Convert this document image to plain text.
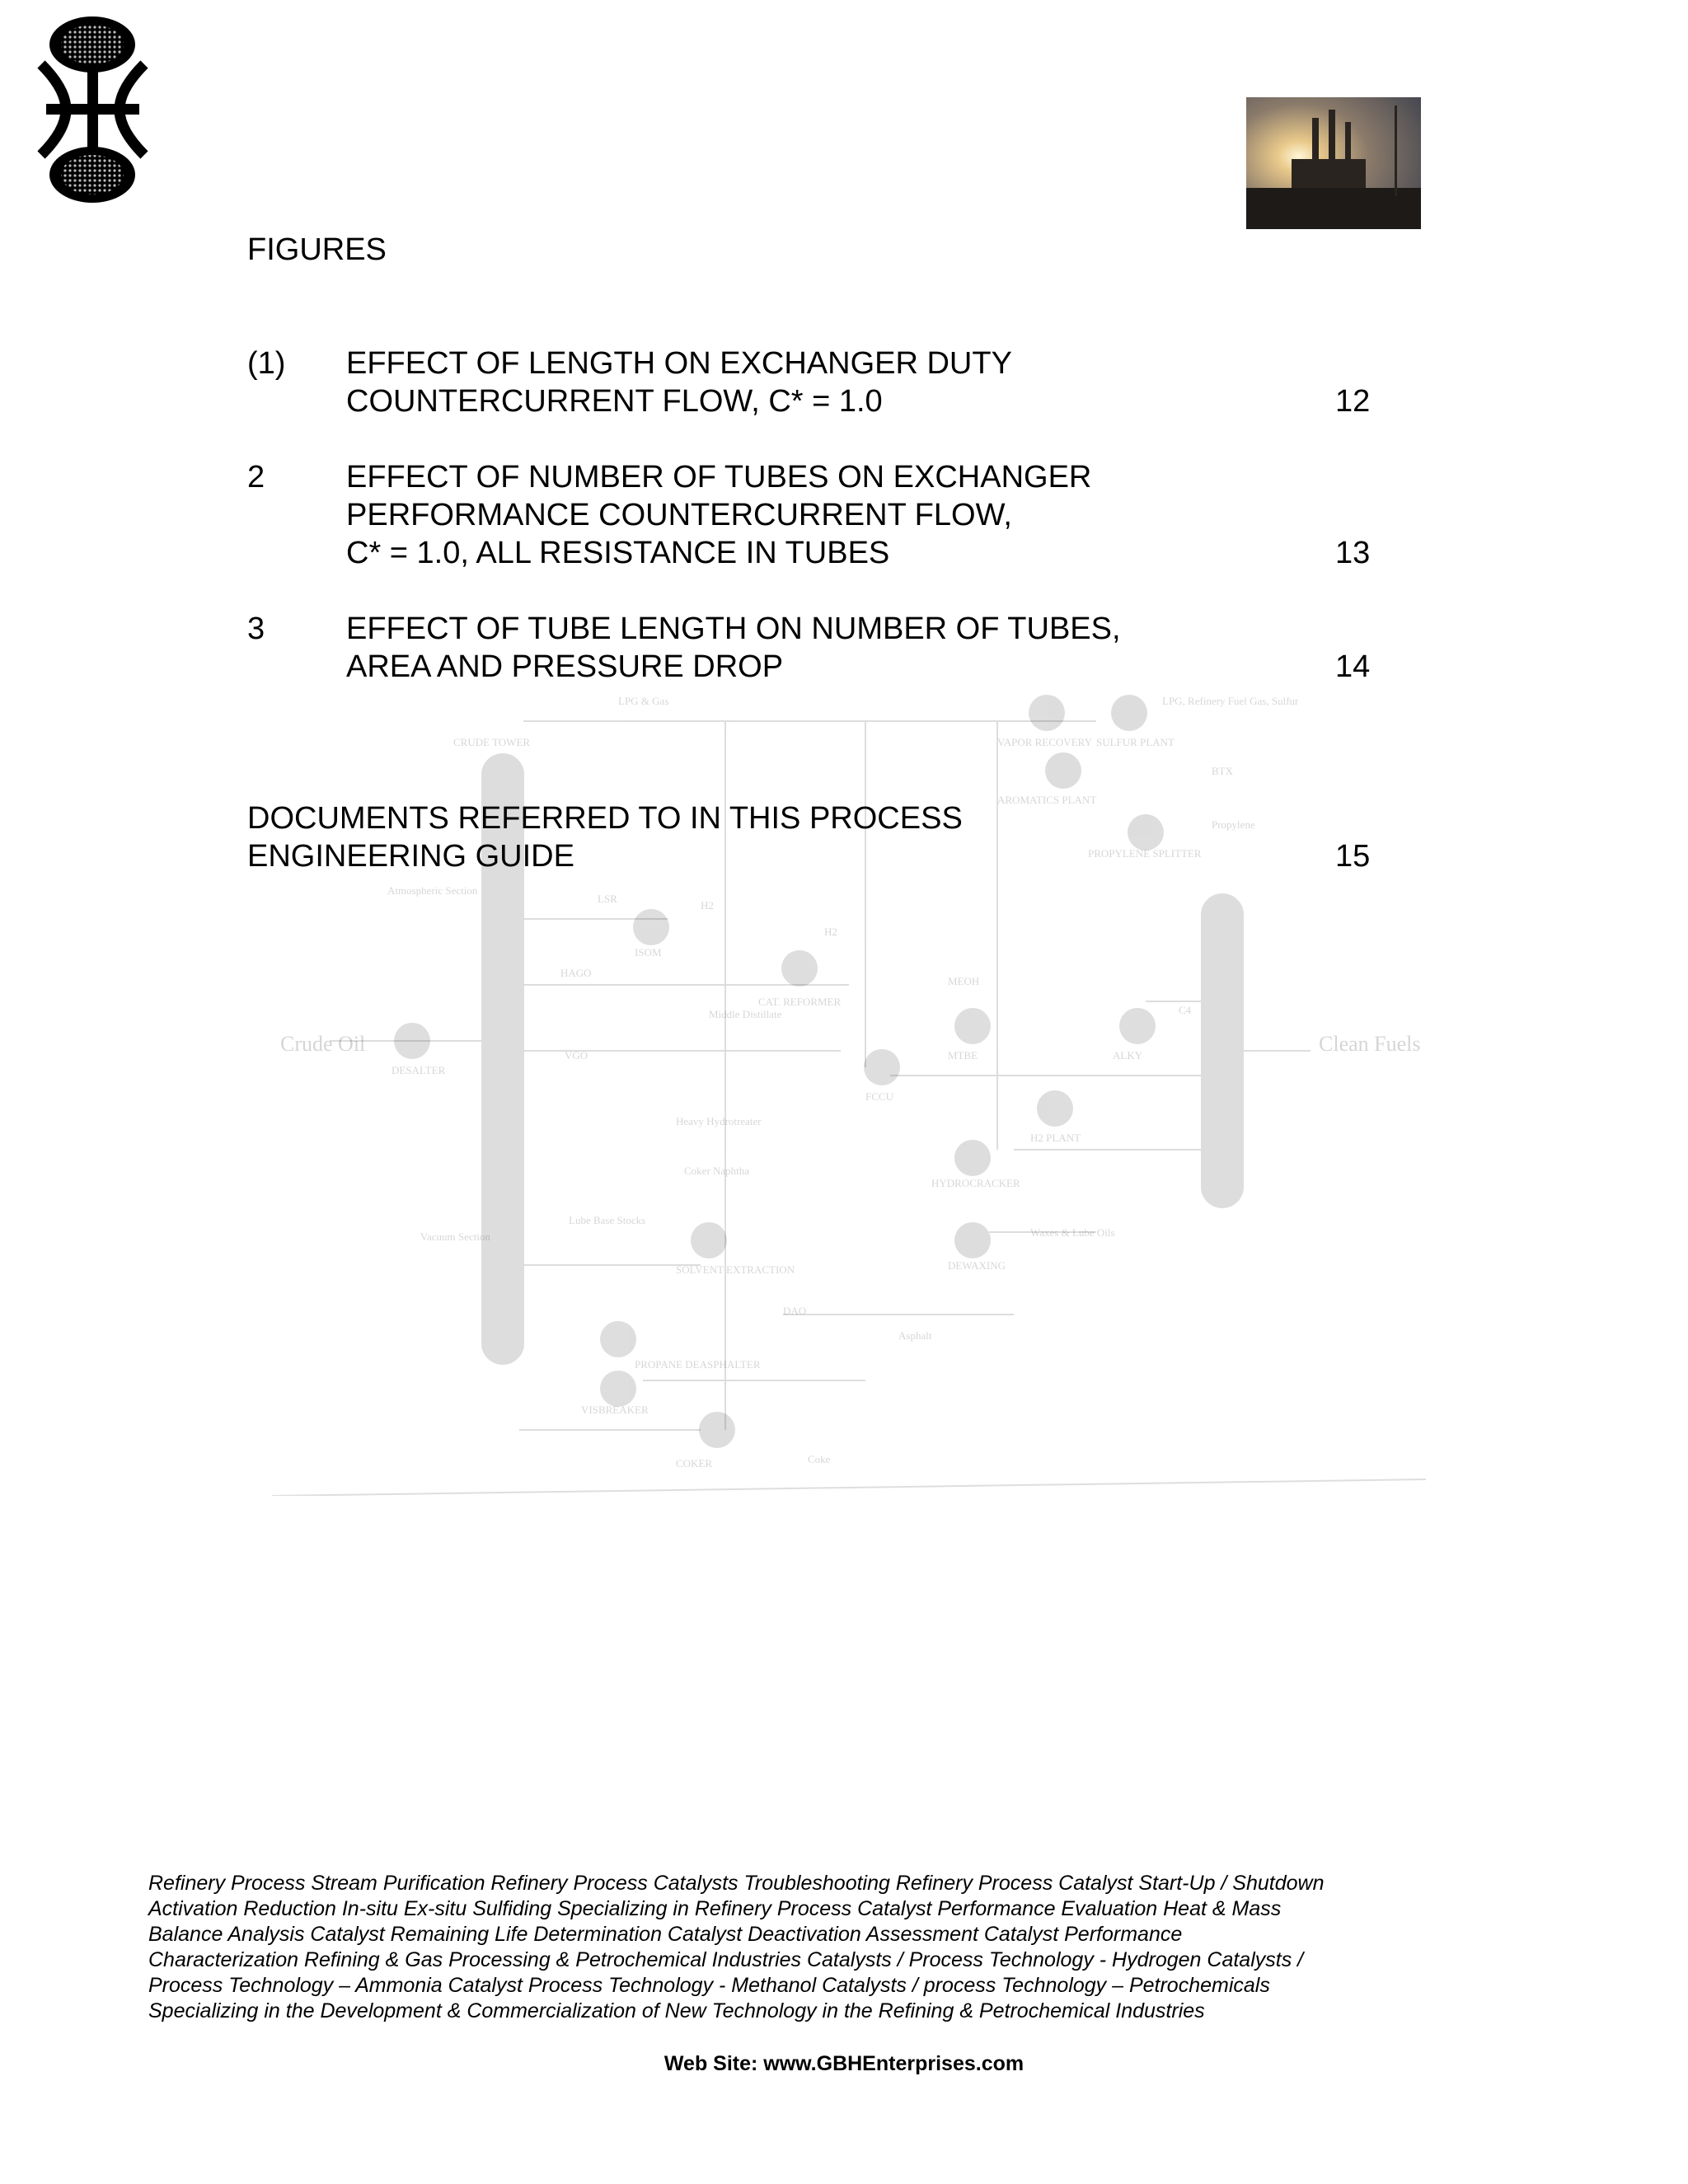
Crude Oil	Clean Fuels
DESALTER
CRUDE TOWER
LPG & Gas
VAPOR RECOVERY SULFUR PLANT
LPG, Refinery Fuel Gas, Sulfur
AROMATICS PLANT
BTX
PROPYLENE SPLITTER
Propylene
Atmospheric Section
LSR
ISOM
H2
H2
CAT. REFORMER
HAGO
MEOH
Middle Distillate	C4
VGO	MTBE	ALKY
FCCU
H2 PLANT
Heavy Hydrotreater
Coker Naphtha
HYDROCRACKER
Lube Base Stocks
SOLVENT EXTRACTION	DEWAXING
Waxes & Lube Oils
Vacuum Section
DAO
Asphalt
PROPANE DEASPHALTER
VISBREAKER
COKER	Coke
FIGURES
(1) EFFECT OF LENGTH ON EXCHANGER DUTY
COUNTERCURRENT FLOW, C* = 1.0	12
2	EFFECT OF NUMBER OF TUBES ON EXCHANGER
PERFORMANCE COUNTERCURRENT FLOW,
C* = 1.0, ALL RESISTANCE IN TUBES	13
3	EFFECT OF TUBE LENGTH ON NUMBER OF TUBES,
AREA AND PRESSURE DROP	14
DOCUMENTS REFERRED TO IN THIS PROCESS
ENGINEERING GUIDE	15
Refinery Process Stream Purification Refinery Process Catalysts Troubleshooting Refinery Process Catalyst Start-Up / Shutdown
Activation Reduction In-situ Ex-situ Sulfiding Specializing in Refinery Process Catalyst Performance Evaluation Heat & Mass
Balance Analysis Catalyst Remaining Life Determination Catalyst Deactivation Assessment Catalyst Performance
Characterization Refining & Gas Processing & Petrochemical Industries Catalysts / Process Technology - Hydrogen Catalysts /
Process Technology – Ammonia Catalyst Process Technology - Methanol Catalysts / process Technology – Petrochemicals
Specializing in the Development & Commercialization of New Technology in the Refining & Petrochemical Industries
Web Site: www.GBHEnterprises.com
